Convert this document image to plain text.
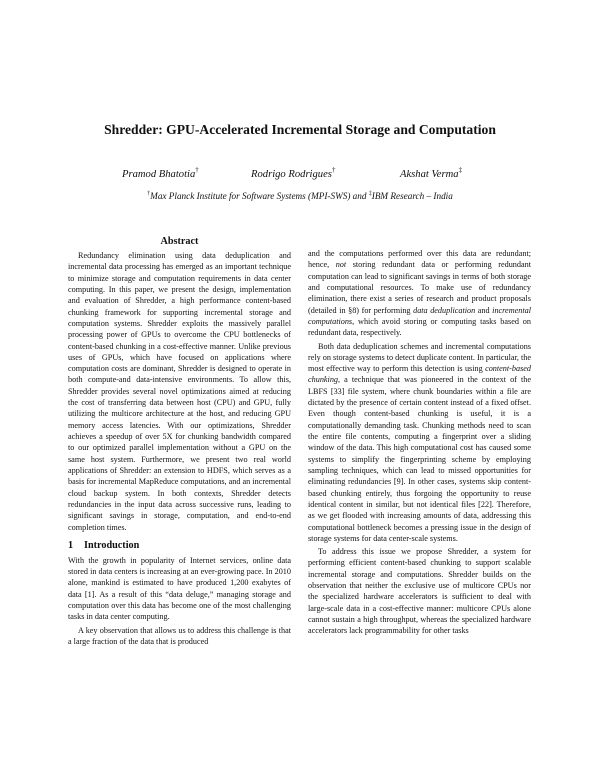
Shredder: GPU-Accelerated Incremental Storage and Computation
Pramod Bhatotia†	Rodrigo Rodrigues†	Akshat Verma‡
†Max Planck Institute for Software Systems (MPI-SWS) and ‡IBM Research – India
Abstract

Redundancy elimination using data deduplication and incremental data processing has emerged as an important technique to minimize storage and computation requirements in data center computing. In this paper, we present the design, implementation and evaluation of Shredder, a high performance content-based chunking framework for supporting incremental storage and computation systems. Shredder exploits the massively parallel processing power of GPUs to overcome the CPU bottlenecks of content-based chunking in a cost-effective manner. Unlike previous uses of GPUs, which have focused on applications where computation costs are dominant, Shredder is designed to operate in both compute-and data-intensive environments. To allow this, Shredder provides several novel optimizations aimed at reducing the cost of transferring data between host (CPU) and GPU, fully utilizing the multicore architecture at the host, and reducing GPU memory access latencies. With our optimizations, Shredder achieves a speedup of over 5X for chunking bandwidth compared to our optimized parallel implementation without a GPU on the same host system. Furthermore, we present two real world applications of Shredder: an extension to HDFS, which serves as a basis for incremental MapReduce computations, and an incremental cloud backup system. In both contexts, Shredder detects redundancies in the input data across successive runs, leading to significant savings in storage, computation, and end-to-end completion times.

1 Introduction

With the growth in popularity of Internet services, online data stored in data centers is increasing at an ever-growing pace. In 2010 alone, mankind is estimated to have produced 1,200 exabytes of data [1]. As a result of this “data deluge,” managing storage and computation over this data has become one of the most challenging tasks in data center computing.

A key observation that allows us to address this challenge is that a large fraction of the data that is produced

and the computations performed over this data are redundant; hence, not storing redundant data or performing redundant computation can lead to significant savings in terms of both storage and computational resources. To make use of redundancy elimination, there exist a series of research and product proposals (detailed in §8) for performing data deduplication and incremental computations, which avoid storing or computing tasks based on redundant data, respectively.

Both data deduplication schemes and incremental computations rely on storage systems to detect duplicate content. In particular, the most effective way to perform this detection is using content-based chunking, a technique that was pioneered in the context of the LBFS [33] file system, where chunk boundaries within a file are dictated by the presence of certain content instead of a fixed offset. Even though content-based chunking is useful, it is a computationally demanding task. Chunking methods need to scan the entire file contents, computing a fingerprint over a sliding window of the data. This high computational cost has caused some systems to simplify the fingerprinting scheme by employing sampling techniques, which can lead to missed opportunities for eliminating redundancies [9]. In other cases, systems skip content-based chunking entirely, thus forgoing the opportunity to reuse identical content in similar, but not identical files [22]. Therefore, as we get flooded with increasing amounts of data, addressing this computational bottleneck becomes a pressing issue in the design of storage systems for data center-scale systems.

To address this issue we propose Shredder, a system for performing efficient content-based chunking to support scalable incremental storage and computations. Shredder builds on the observation that neither the exclusive use of multicore CPUs nor the specialized hardware accelerators is sufficient to deal with large-scale data in a cost-effective manner: multicore CPUs alone cannot sustain a high throughput, whereas the specialized hardware accelerators lack programmability for other tasks
